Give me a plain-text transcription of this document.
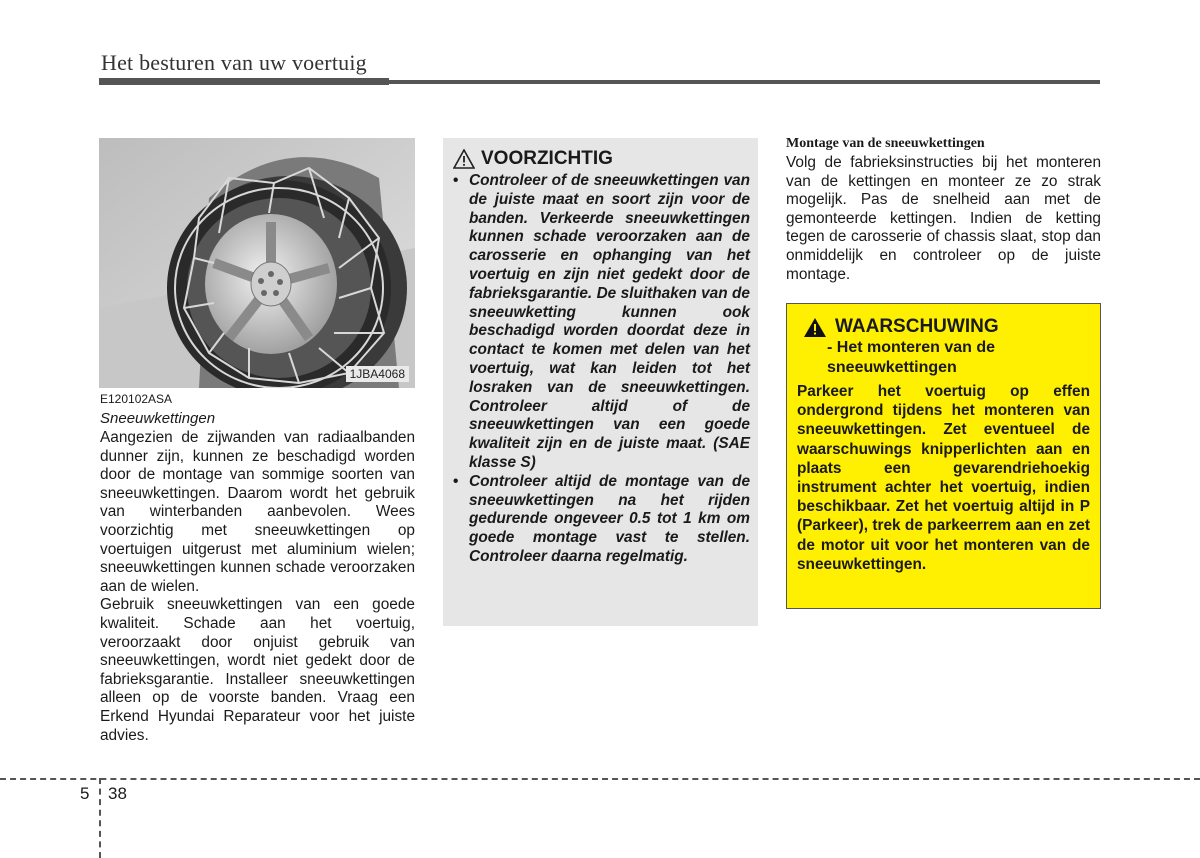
Het besturen van uw voertuig
1JBA4068
E120102ASA
Sneeuwkettingen

Aangezien de zijwanden van radiaalbanden dunner zijn, kunnen ze beschadigd worden door de montage van sommige soorten van sneeuwkettingen. Daarom wordt het gebruik van winterbanden aanbevolen. Wees voorzichtig met sneeuwkettingen op voertuigen uitgerust met aluminium wielen; sneeuwkettingen kunnen schade veroorzaken aan de wielen.

Gebruik sneeuwkettingen van een goede kwaliteit. Schade aan het voertuig, veroorzaakt door onjuist gebruik van sneeuwkettingen, wordt niet gedekt door de fabrieksgarantie. Installeer sneeuwkettingen alleen op de voorste banden. Vraag een Erkend Hyundai Reparateur voor het juiste advies.

VOORZICHTIG
• Controleer of de sneeuwkettingen van de juiste maat en soort zijn voor de banden. Verkeerde sneeuwkettingen kunnen schade veroorzaken aan de carosserie en ophanging van het voertuig en zijn niet gedekt door de fabrieksgarantie. De sluithaken van de sneeuwketting kunnen ook beschadigd worden doordat deze in contact te komen met delen van het voertuig, wat kan leiden tot het losraken van de sneeuwkettingen. Controleer altijd of de sneeuwkettingen van een goede kwaliteit zijn en de juiste maat. (SAE klasse S)
• Controleer altijd de montage van de sneeuwkettingen na het rijden gedurende ongeveer 0.5 tot 1 km om goede montage vast te stellen. Controleer daarna regelmatig.
Montage van de sneeuwkettingen

Volg de fabrieksinstructies bij het monteren van de kettingen en monteer ze zo strak mogelijk. Pas de snelheid aan met de gemonteerde kettingen. Indien de ketting tegen de carosserie of chassis slaat, stop dan onmiddelijk en controleer op de juiste montage.

WAARSCHUWING
- Het monteren van de sneeuwkettingen

Parkeer het voertuig op effen ondergrond tijdens het monteren van sneeuwkettingen. Zet eventueel de waarschuwings knipperlichten aan en plaats een gevarendriehoekig instrument achter het voertuig, indien beschikbaar. Zet het voertuig altijd in P (Parkeer), trek de parkeerrem aan en zet de motor uit voor het monteren van de sneeuwkettingen.

5 38
